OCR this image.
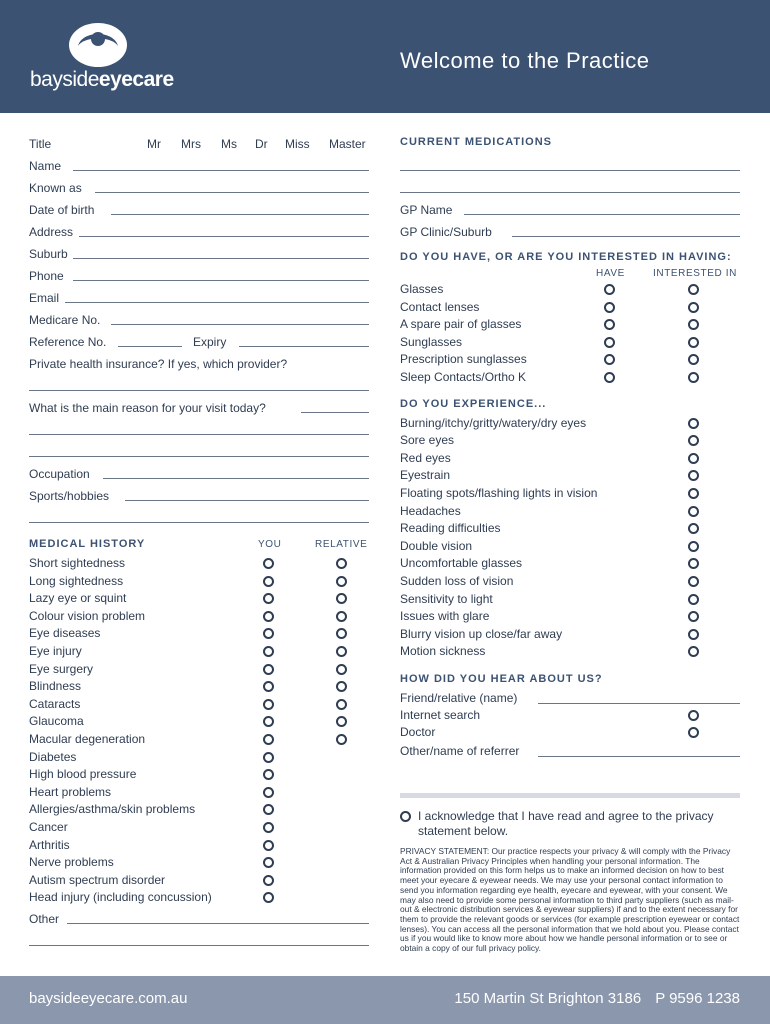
baysideeyecare
Welcome to the Practice
Title	Mr Mrs Ms Dr Miss Master
Name
Known as
Date of birth
Address
Suburb
Phone
Email
Medicare No.
Reference No.	Expiry
Private health insurance? If yes, which provider?
What is the main reason for your visit today?
Occupation
Sports/hobbies
MEDICAL HISTORY	YOU	RELATIVE
Short sightedness
Long sightedness
Lazy eye or squint
Colour vision problem
Eye diseases
Eye injury
Eye surgery
Blindness
Cataracts
Glaucoma
Macular degeneration
Diabetes
High blood pressure
Heart problems
Allergies/asthma/skin problems
Cancer
Arthritis
Nerve problems
Autism spectrum disorder
Head injury (including concussion)
Other
CURRENT MEDICATIONS
GP Name
GP Clinic/Suburb
DO YOU HAVE, OR ARE YOU INTERESTED IN HAVING:
HAVE	INTERESTED IN
Glasses
Contact lenses
A spare pair of glasses
Sunglasses
Prescription sunglasses
Sleep Contacts/Ortho K
DO YOU EXPERIENCE...
Burning/itchy/gritty/watery/dry eyes
Sore eyes
Red eyes
Eyestrain
Floating spots/flashing lights in vision
Headaches
Reading difficulties
Double vision
Uncomfortable glasses
Sudden loss of vision
Sensitivity to light
Issues with glare
Blurry vision up close/far away
Motion sickness
HOW DID YOU HEAR ABOUT US?
Friend/relative (name)
Internet search
Doctor
Other/name of referrer
I acknowledge that I have read and agree to the privacy statement below.
PRIVACY STATEMENT: Our practice respects your privacy & will comply with the Privacy Act & Australian Privacy Principles when handling your personal information. The information provided on this form helps us to make an informed decision on how to best meet your eyecare & eyewear needs. We may use your personal contact information to send you information regarding eye health, eyecare and eyewear, with your consent. We may also need to provide some personal information to third party suppliers (such as mail-out & electronic distribution services & eyewear suppliers) if and to the extent necessary for them to provide the relevant goods or services (for example prescription eyewear or contact lenses). You can access all the personal information that we hold about you. Please contact us if you would like to know more about how we handle personal information or to see or obtain a copy of our full privacy policy.
baysideeyecare.com.au	150 Martin St Brighton 3186 P 9596 1238
